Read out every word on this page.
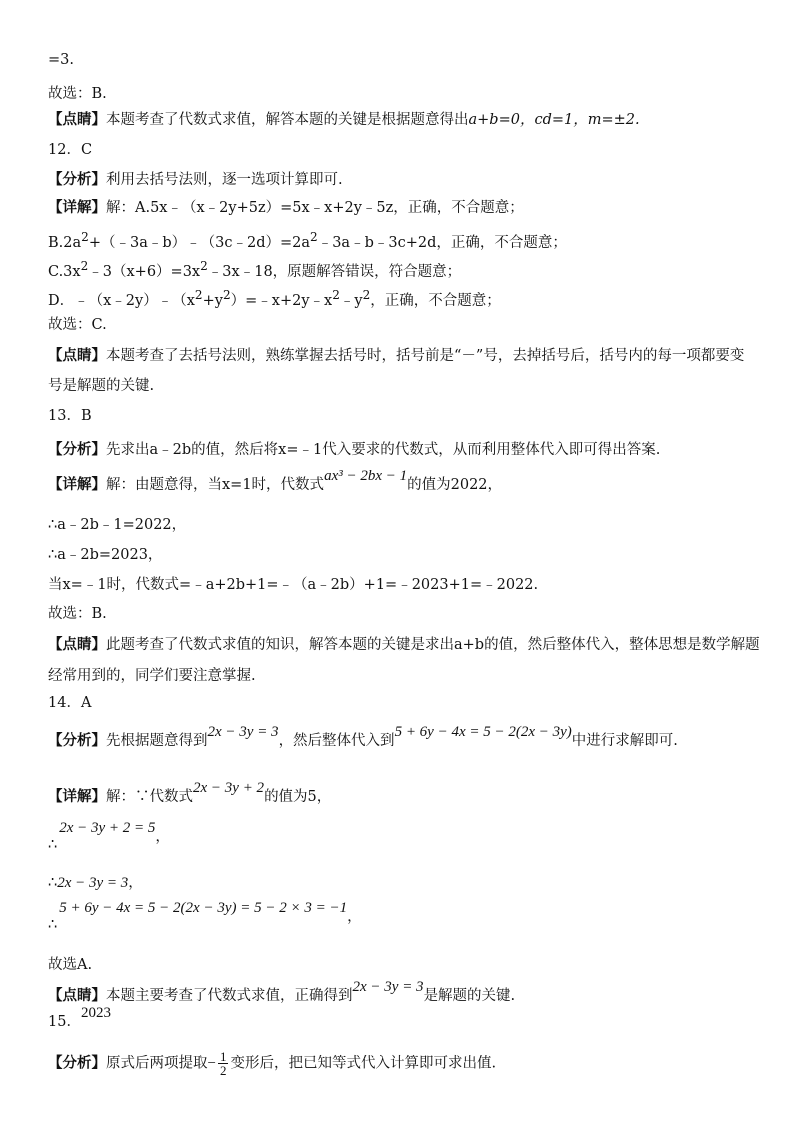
=3.
故选：B.
【点睛】本题考查了代数式求值，解答本题的关键是根据题意得出a+b=0，cd=1，m=±2.
12．C
【分析】利用去括号法则，逐一选项计算即可.
【详解】解：A.5x﹣（x﹣2y+5z）=5x﹣x+2y﹣5z，正确，不合题意；
$B.2a^2+(﹣3a﹣b)﹣(3c﹣2d)=2a^2﹣3a﹣b﹣3c+2d$，正确，不合题意；
$C.3x^2﹣3(x+6)=3x^2﹣3x﹣18$，原题解答错误，符合题意；
D．$﹣(x﹣2y)﹣(x^2+y^2)=﹣x+2y﹣x^2﹣y^2$，正确，不合题意；
故选：C.
【点睛】本题考查了去括号法则，熟练掌握去括号时，括号前是“－”号，去掉括号后，括号内的每一项都要变
号是解题的关键.
13．B
【分析】先求出a﹣2b的值，然后将x=﹣1代入要求的代数式，从而利用整体代入即可得出答案.
【详解】解：由题意得，当x=1时，代数式ax³ − 2bx − 1的值为2022，
∴a﹣2b﹣1=2022，
∴a﹣2b=2023，
当x=﹣1时，代数式=﹣a+2b+1=﹣（a﹣2b）+1=﹣2023+1=﹣2022.
故选：B.
【点睛】此题考查了代数式求值的知识，解答本题的关键是求出a+b的值，然后整体代入，整体思想是数学解题
经常用到的，同学们要注意掌握.
14．A
【分析】先根据题意得到2x − 3y = 3，然后整体代入到5 + 6y − 4x = 5 − 2(2x − 3y)中进行求解即可.
【详解】解：∵代数式2x − 3y + 2的值为5，
∴2x − 3y + 2 = 5，
∴2x − 3y = 3，
∴5 + 6y − 4x = 5 − 2(2x − 3y) = 5 − 2 × 3 = −1，
故选A.
【点睛】本题主要考查了代数式求值，正确得到2x − 3y = 3是解题的关键.
15．2023
【分析】原式后两项提取− $\frac{1}{2}$ 变形后，把已知等式代入计算即可求出值.
